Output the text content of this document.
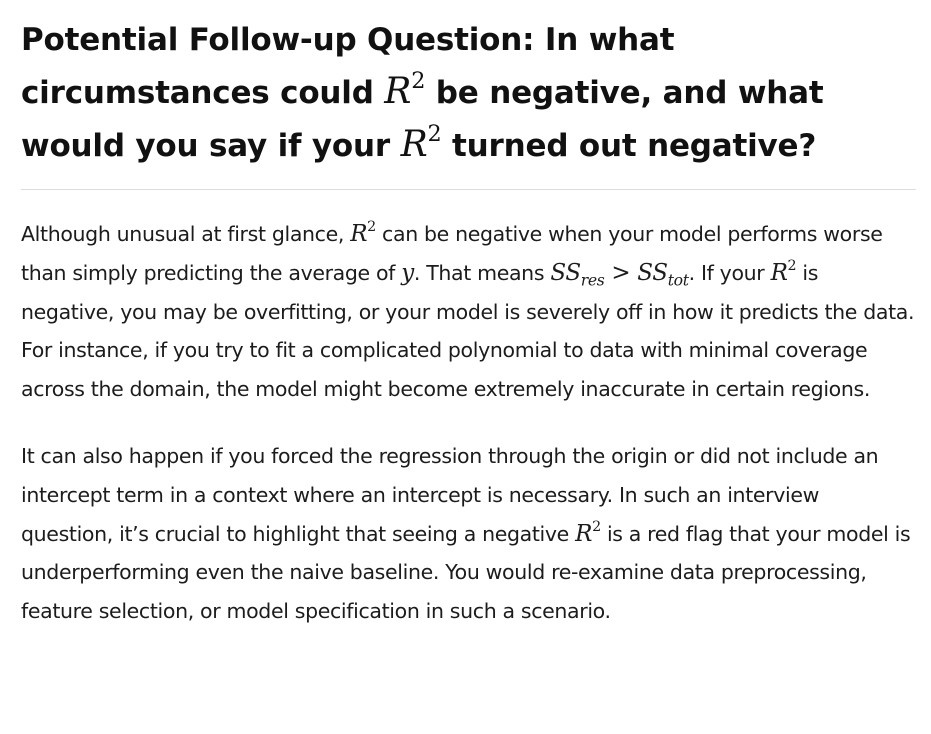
Potential Follow-up Question: In what circumstances could $R^2$ be negative, and what would you say if your $R^2$ turned out negative?

Although unusual at first glance, $R^2$ can be negative when your model performs worse than simply predicting the average of y. That means $SS_{res} > SS_{tot}$. If your $R^2$ is negative, you may be overfitting, or your model is severely off in how it predicts the data. For instance, if you try to fit a complicated polynomial to data with minimal coverage across the domain, the model might become extremely inaccurate in certain regions.

It can also happen if you forced the regression through the origin or did not include an intercept term in a context where an intercept is necessary. In such an interview question, it’s crucial to highlight that seeing a negative $R^2$ is a red flag that your model is underperforming even the naive baseline. You would re-examine data preprocessing, feature selection, or model specification in such a scenario.
